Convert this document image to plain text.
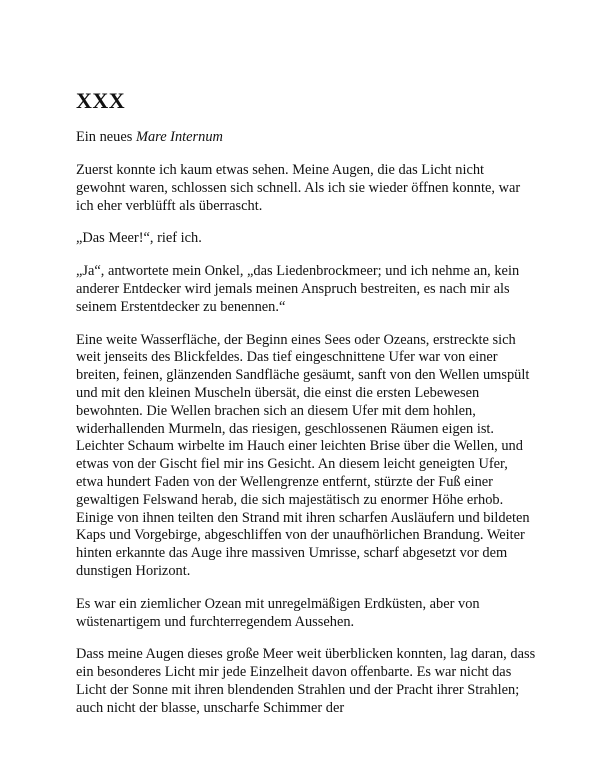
XXX

Ein neues Mare Internum

Zuerst konnte ich kaum etwas sehen. Meine Augen, die das Licht nicht gewohnt waren, schlossen sich schnell. Als ich sie wieder öffnen konnte, war ich eher verblüfft als überrascht.

„Das Meer!“, rief ich.

„Ja“, antwortete mein Onkel, „das Liedenbrockmeer; und ich nehme an, kein anderer Entdecker wird jemals meinen Anspruch bestreiten, es nach mir als seinem Erstentdecker zu benennen.“

Eine weite Wasserfläche, der Beginn eines Sees oder Ozeans, erstreckte sich weit jenseits des Blickfeldes. Das tief eingeschnittene Ufer war von einer breiten, feinen, glänzenden Sandfläche gesäumt, sanft von den Wellen umspült und mit den kleinen Muscheln übersät, die einst die ersten Lebewesen bewohnten. Die Wellen brachen sich an diesem Ufer mit dem hohlen, widerhallenden Murmeln, das riesigen, geschlossenen Räumen eigen ist. Leichter Schaum wirbelte im Hauch einer leichten Brise über die Wellen, und etwas von der Gischt fiel mir ins Gesicht. An diesem leicht geneigten Ufer, etwa hundert Faden von der Wellengrenze entfernt, stürzte der Fuß einer gewaltigen Felswand herab, die sich majestätisch zu enormer Höhe erhob. Einige von ihnen teilten den Strand mit ihren scharfen Ausläufern und bildeten Kaps und Vorgebirge, abgeschliffen von der unaufhörlichen Brandung. Weiter hinten erkannte das Auge ihre massiven Umrisse, scharf abgesetzt vor dem dunstigen Horizont.

Es war ein ziemlicher Ozean mit unregelmäßigen Erdküsten, aber von wüstenartigem und furchterregendem Aussehen.

Dass meine Augen dieses große Meer weit überblicken konnten, lag daran, dass ein besonderes Licht mir jede Einzelheit davon offenbarte. Es war nicht das Licht der Sonne mit ihren blendenden Strahlen und der Pracht ihrer Strahlen; auch nicht der blasse, unscharfe Schimmer der
